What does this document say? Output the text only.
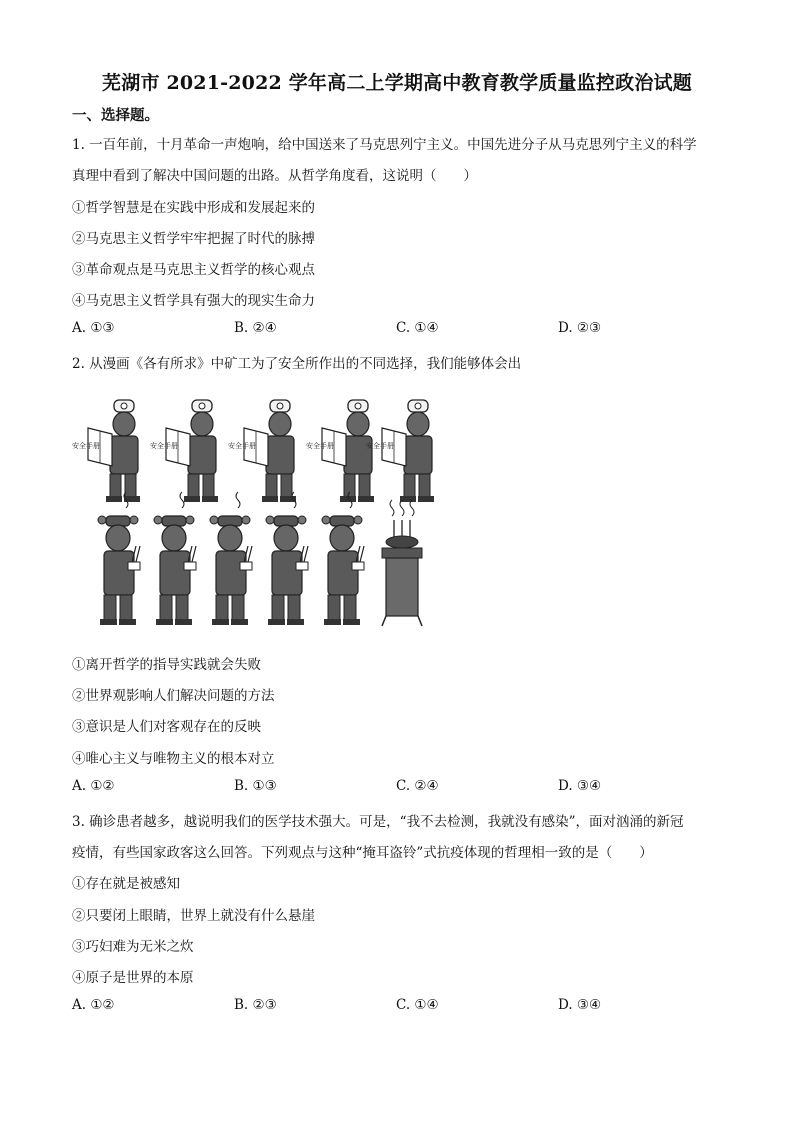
芜湖市 2021-2022 学年高二上学期高中教育教学质量监控政治试题
一、选择题。
1. 一百年前，十月革命一声炮响，给中国送来了马克思列宁主义。中国先进分子从马克思列宁主义的科学
真理中看到了解决中国问题的出路。从哲学角度看，这说明（　　）
①哲学智慧是在实践中形成和发展起来的
②马克思主义哲学牢牢把握了时代的脉搏
③革命观点是马克思主义哲学的核心观点
④马克思主义哲学具有强大的现实生命力
A. ①③	B. ②④	C. ①④	D. ②③
2. 从漫画《各有所求》中矿工为了安全所作出的不同选择，我们能够体会出
安全手册	安全手册	安全手册	安全手册	安全手册
①离开哲学的指导实践就会失败
②世界观影响人们解决问题的方法
③意识是人们对客观存在的反映
④唯心主义与唯物主义的根本对立
A. ①②	B. ①③	C. ②④	D. ③④
3. 确诊患者越多，越说明我们的医学技术强大。可是，“我不去检测，我就没有感染”，面对汹涌的新冠
疫情，有些国家政客这么回答。下列观点与这种“掩耳盗铃”式抗疫体现的哲理相一致的是（　　）
①存在就是被感知
②只要闭上眼睛，世界上就没有什么悬崖
③巧妇难为无米之炊
④原子是世界的本原
A. ①②	B. ②③	C. ①④	D. ③④
